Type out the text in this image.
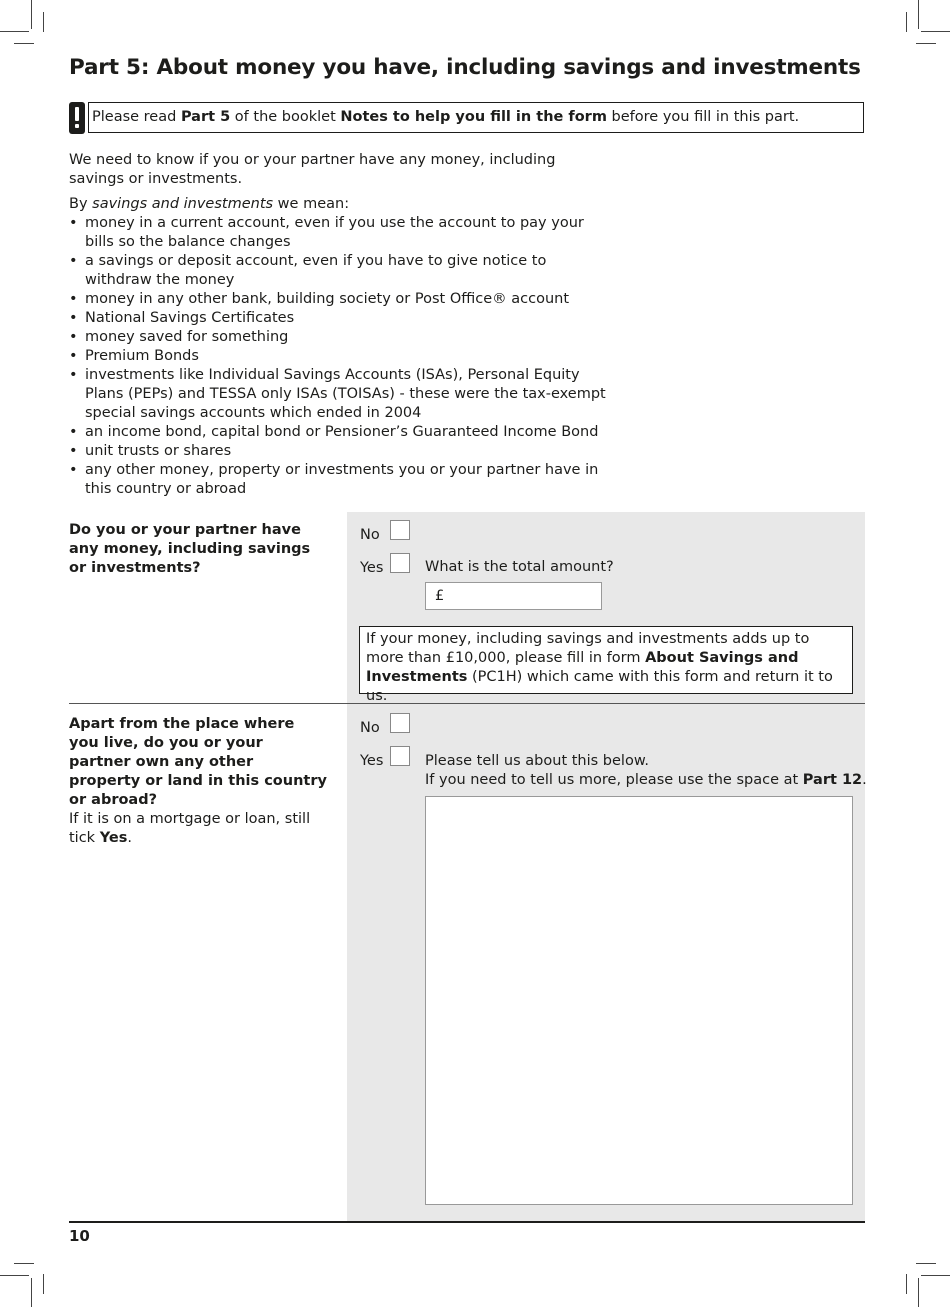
Part 5: About money you have, including savings and investments
Please read Part 5 of the booklet Notes to help you fill in the form before you fill in this part.

We need to know if you or your partner have any money, including savings or investments.

By savings and investments we mean:

• money in a current account, even if you use the account to pay your bills so the balance changes
• a savings or deposit account, even if you have to give notice to withdraw the money
• money in any other bank, building society or Post Office® account
• National Savings Certificates
• money saved for something
• Premium Bonds
• investments like Individual Savings Accounts (ISAs), Personal Equity Plans (PEPs) and TESSA only ISAs (TOISAs) - these were the tax-exempt special savings accounts which ended in 2004
• an income bond, capital bond or Pensioner’s Guaranteed Income Bond
• unit trusts or shares
• any other money, property or investments you or your partner have in this country or abroad
Do you or your partner have any money, including savings or investments?
No
Yes	What is the total amount?
£
If your money, including savings and investments adds up to more than £10,000, please fill in form About Savings and Investments (PC1H) which came with this form and return it to us.
Apart from the place where you live, do you or your partner own any other property or land in this country or abroad?
If it is on a mortgage or loan, still tick Yes.
No
Yes	Please tell us about this below.
If you need to tell us more, please use the space at Part 12.
10
